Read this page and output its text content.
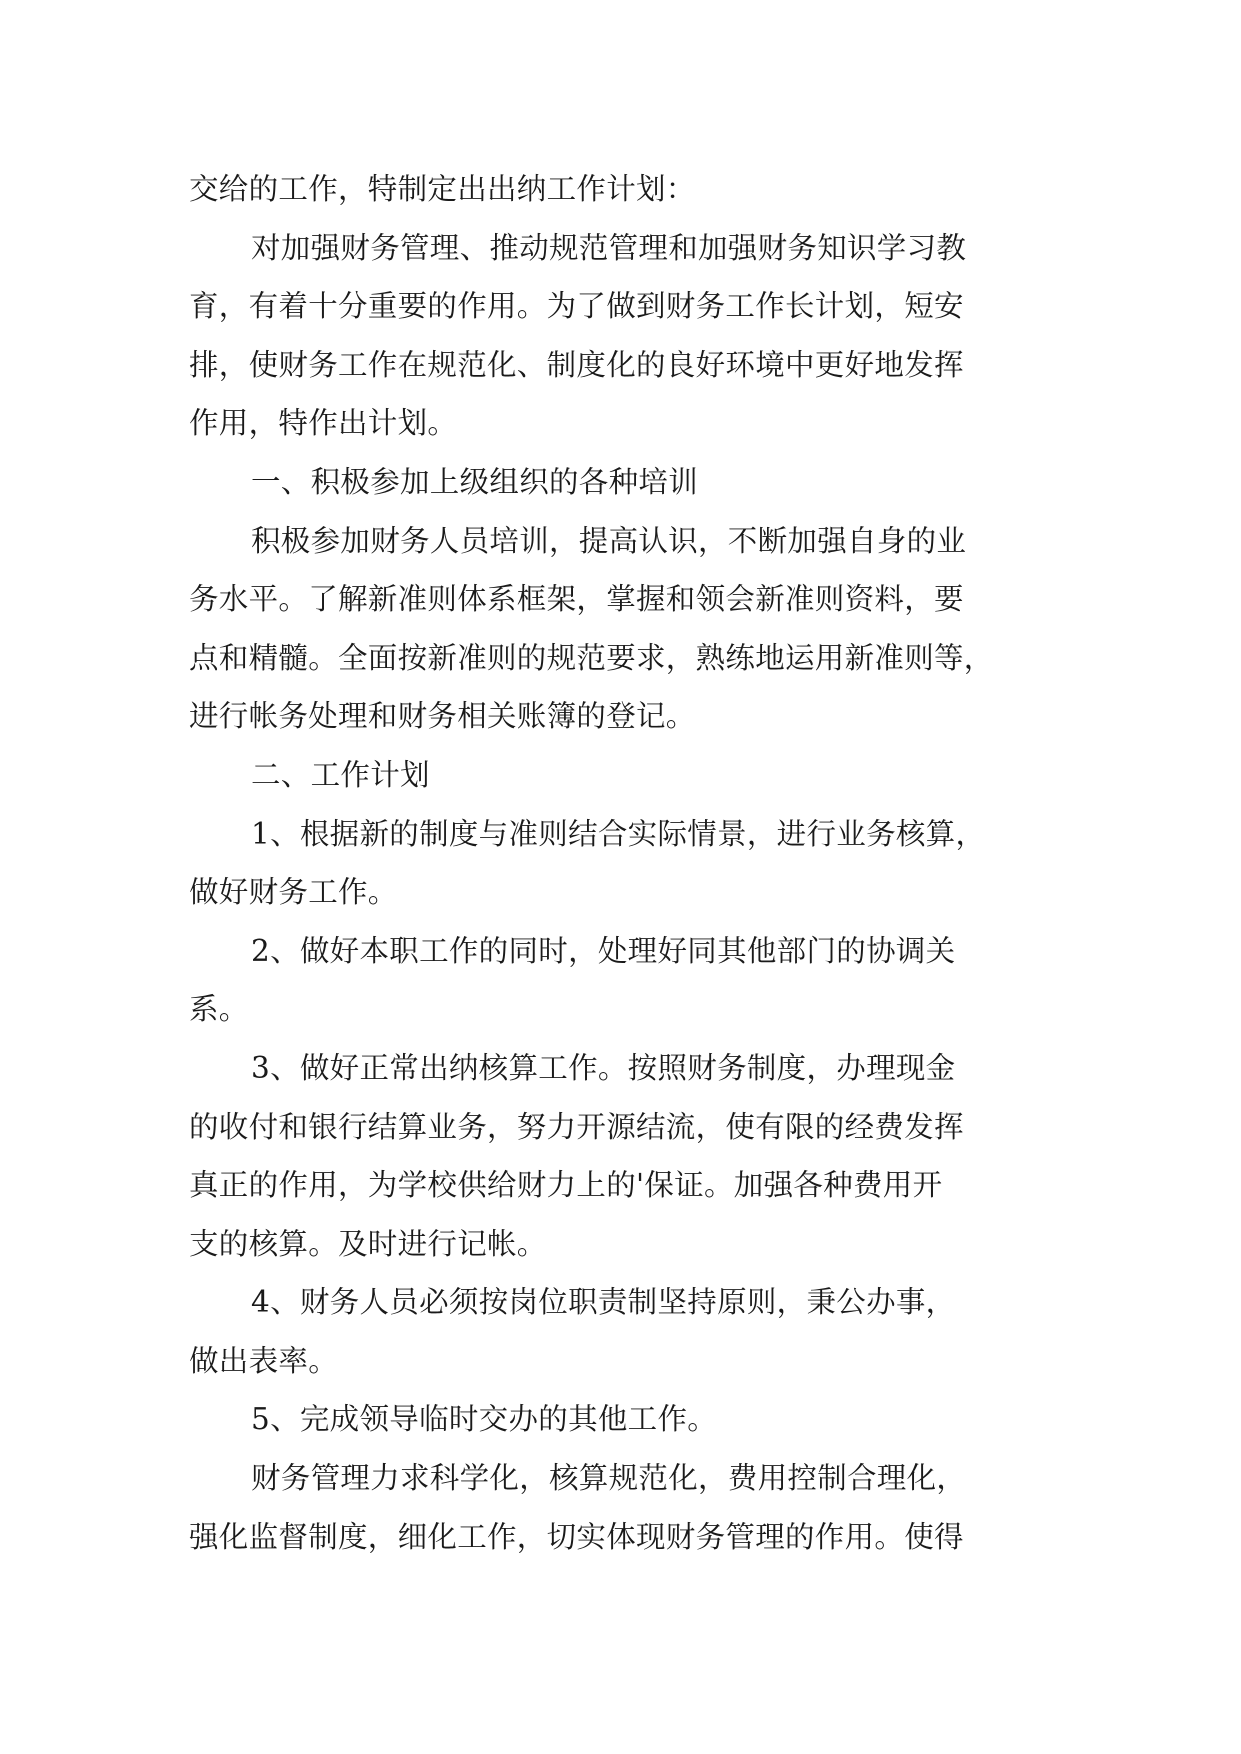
交给的工作，特制定出出纳工作计划：
对加强财务管理、推动规范管理和加强财务知识学习教
育，有着十分重要的作用。为了做到财务工作长计划，短安
排，使财务工作在规范化、制度化的良好环境中更好地发挥
作用，特作出计划。
一、积极参加上级组织的各种培训
积极参加财务人员培训，提高认识，不断加强自身的业
务水平。了解新准则体系框架，掌握和领会新准则资料，要
点和精髓。全面按新准则的规范要求，熟练地运用新准则等，
进行帐务处理和财务相关账簿的登记。
二、工作计划
1、根据新的制度与准则结合实际情景，进行业务核算，
做好财务工作。
2、做好本职工作的同时，处理好同其他部门的协调关
系。
3、做好正常出纳核算工作。按照财务制度，办理现金
的收付和银行结算业务，努力开源结流，使有限的经费发挥
真正的作用，为学校供给财力上的'保证。加强各种费用开
支的核算。及时进行记帐。
4、财务人员必须按岗位职责制坚持原则，秉公办事，
做出表率。
5、完成领导临时交办的其他工作。
财务管理力求科学化，核算规范化，费用控制合理化，
强化监督制度，细化工作，切实体现财务管理的作用。使得
